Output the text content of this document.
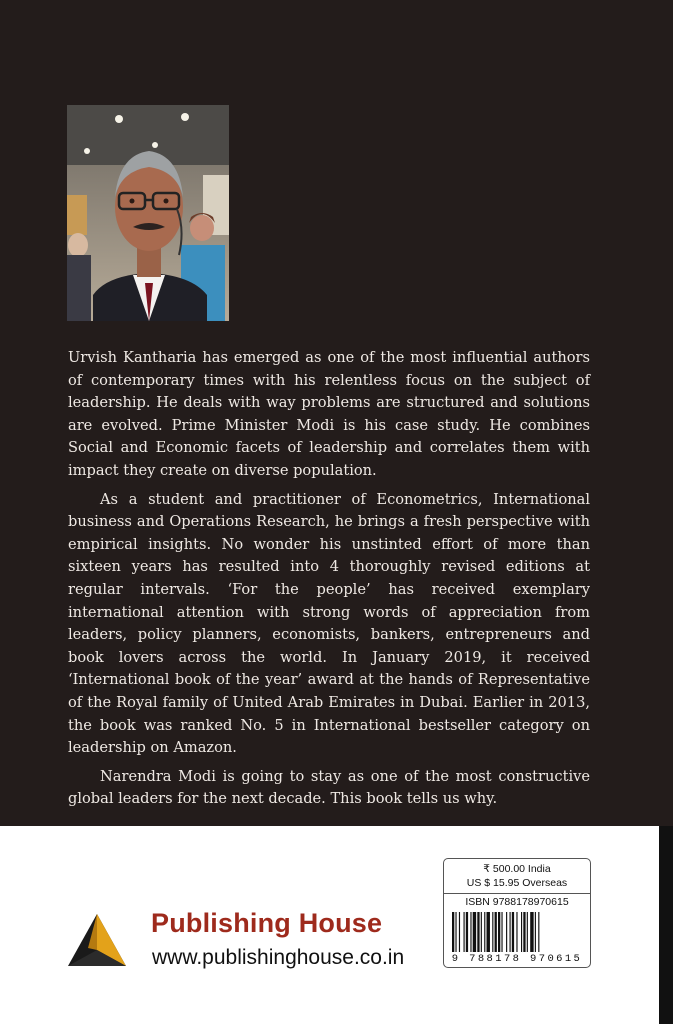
Urvish Kantharia has emerged as one of the most influential authors of contemporary times with his relentless focus on the subject of leadership. He deals with way problems are structured and solutions are evolved. Prime Minister Modi is his case study. He combines Social and Economic facets of leadership and correlates them with impact they create on diverse population.

As a student and practitioner of Econometrics, International business and Operations Research, he brings a fresh perspective with empirical insights. No wonder his unstinted effort of more than sixteen years has resulted into 4 thoroughly revised editions at regular intervals. ‘For the people’ has received exemplary international attention with strong words of appreciation from leaders, policy planners, economists, bankers, entrepreneurs and book lovers across the world. In January 2019, it received ‘International book of the year’ award at the hands of Representative of the Royal family of United Arab Emirates in Dubai. Earlier in 2013, the book was ranked No. 5 in International bestseller category on leadership on Amazon.

Narendra Modi is going to stay as one of the most constructive global leaders for the next decade. This book tells us why.

Publishing House
www.publishinghouse.co.in
₹ 500.00 India
US $ 15.95 Overseas
ISBN 9788178970615
9 788178 970615
